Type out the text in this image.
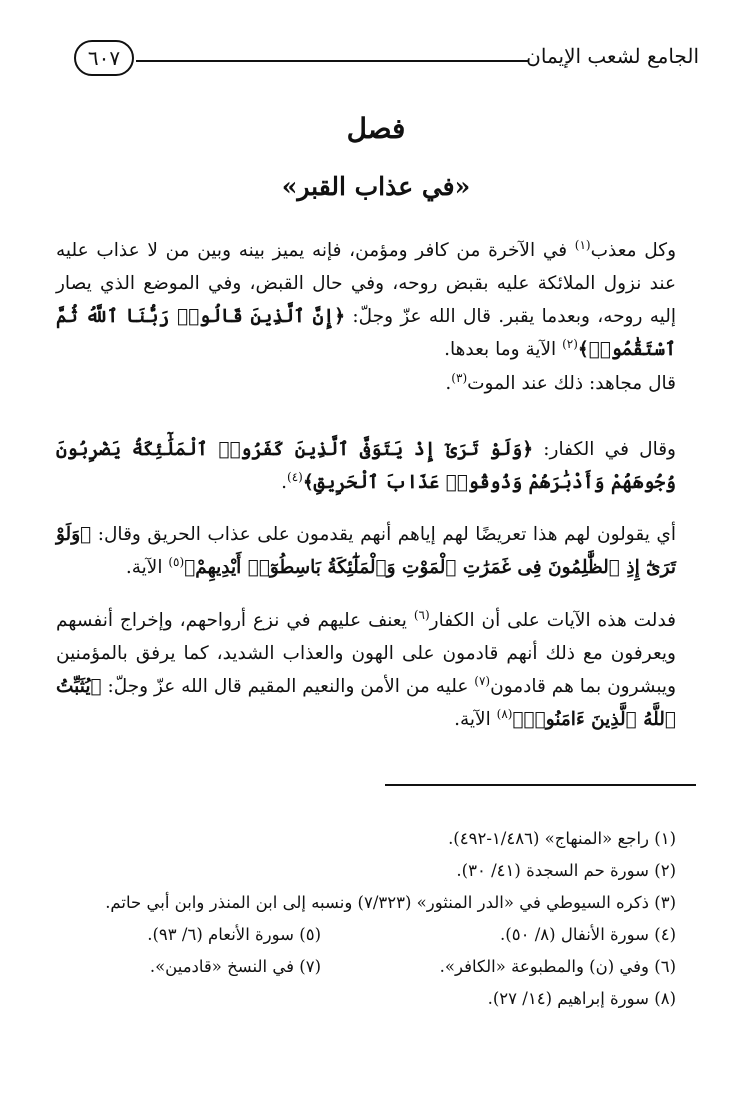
الجامع لشعب الإيمان
٦٠٧
فصل
«في عذاب القبر»

وكل معذب$^{(١)}$ في الآخرة من كافر ومؤمن، فإنه يميز بينه وبين من لا عذاب عليه عند نزول الملائكة عليه بقبض روحه، وفي حال القبض، وفي الموضع الذي يصار إليه روحه، وبعدما يقبر. قال الله عزّ وجلّ: ﴿إِنَّ ٱلَّذِينَ قَالُوا۟ رَبُّنَا ٱللَّهُ ثُمَّ ٱسْتَقَٰمُوا۟﴾$^{(٢)}$ الآية وما بعدها.

قال مجاهد: ذلك عند الموت$^{(٣)}$.

وقال في الكفار: ﴿وَلَوْ تَرَىٰٓ إِذْ يَتَوَفَّى ٱلَّذِينَ كَفَرُوا۟ ٱلْمَلَٰٓئِكَةُ يَضْرِبُونَ وُجُوهَهُمْ وَأَدْبَٰرَهُمْ وَذُوقُوا۟ عَذَابَ ٱلْحَرِيقِ﴾$^{(٤)}$.

أي يقولون لهم هذا تعريضًا لهم إياهم أنهم يقدمون على عذاب الحريق وقال: ﴿وَلَوْ تَرَىٰٓ إِذِ ٱلظَّٰلِمُونَ فِى غَمَرَٰتِ ٱلْمَوْتِ وَٱلْمَلَٰٓئِكَةُ بَاسِطُوٓا۟ أَيْدِيهِمْ﴾$^{(٥)}$ الآية.

فدلت هذه الآيات على أن الكفار$^{(٦)}$ يعنف عليهم في نزع أرواحهم، وإخراج أنفسهم ويعرفون مع ذلك أنهم قادمون على الهون والعذاب الشديد، كما يرفق بالمؤمنين ويبشرون بما هم قادمون$^{(٧)}$ عليه من الأمن والنعيم المقيم قال الله عزّ وجلّ: ﴿يُثَبِّتُ ٱللَّهُ ٱلَّذِينَ ءَامَنُوا۟﴾$^{(٨)}$ الآية.

(١) راجع «المنهاج» (١/٤٨٦-٤٩٢).
(٢) سورة حم السجدة (٤١/ ٣٠).
(٣) ذكره السيوطي في «الدر المنثور» (٧/٣٢٣) ونسبه إلى ابن المنذر وابن أبي حاتم.
(٤) سورة الأنفال (٨/ ٥٠).
(٥) سورة الأنعام (٦/ ٩٣).
(٦) وفي (ن) والمطبوعة «الكافر».
(٧) في النسخ «قادمين».
(٨) سورة إبراهيم (١٤/ ٢٧).
